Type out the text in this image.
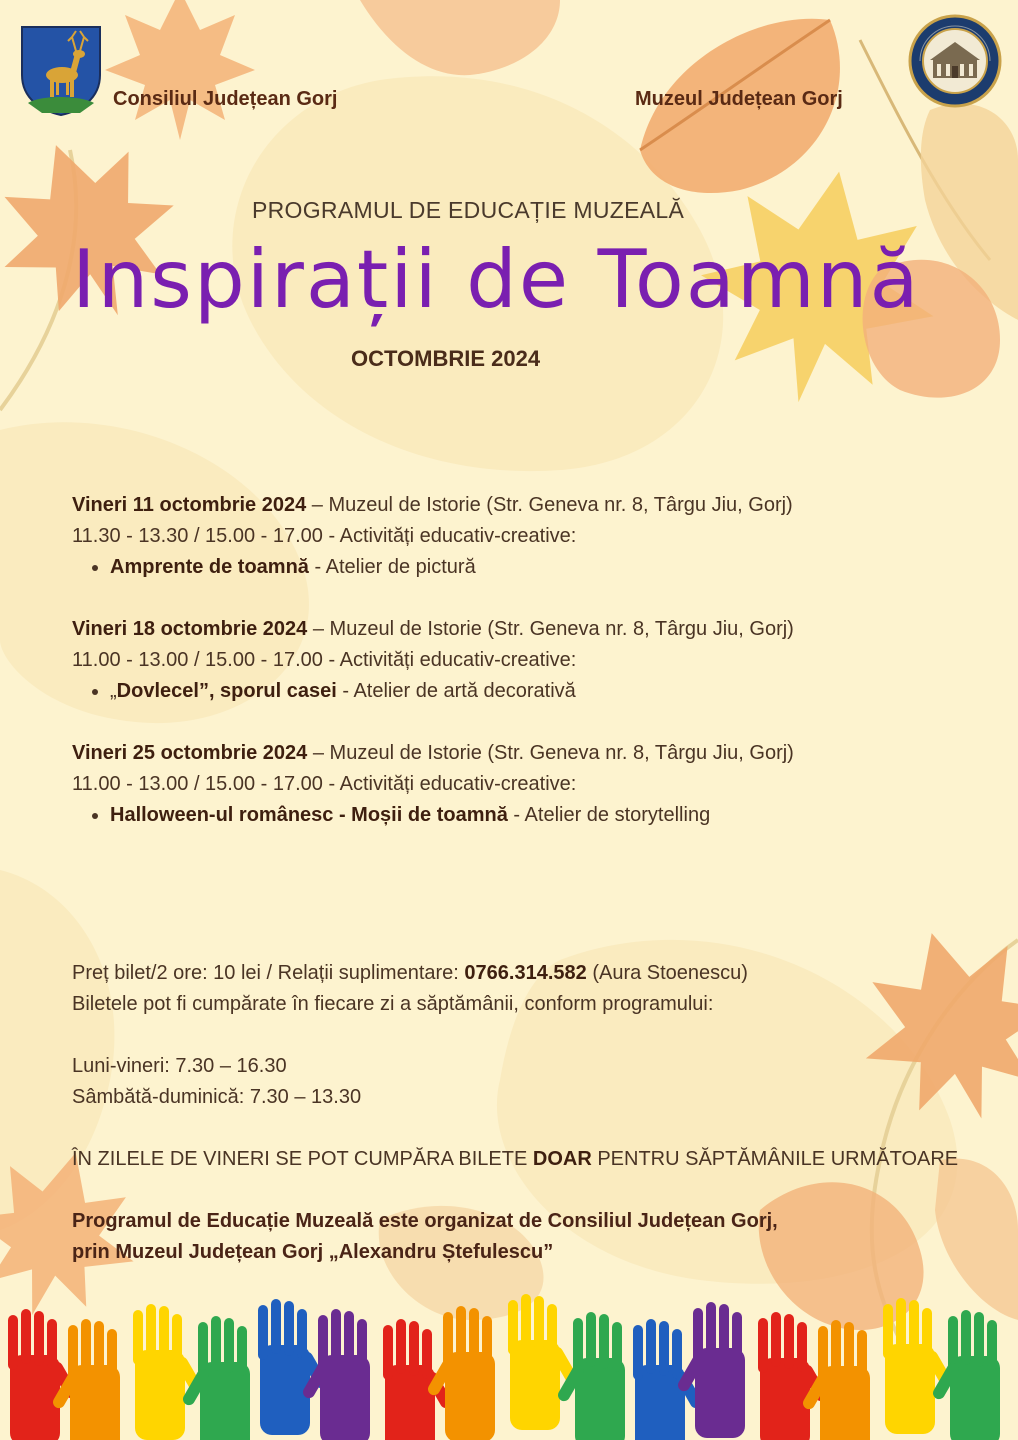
Consiliul Județean Gorj	Muzeul Județean Gorj
PROGRAMUL DE EDUCAȚIE MUZEALĂ
Inspirații de Toamnă
OCTOMBRIE 2024

Vineri 11 octombrie 2024 – Muzeul de Istorie (Str. Geneva nr. 8, Târgu Jiu, Gorj)

11.30 - 13.30 / 15.00 - 17.00 - Activități educativ-creative:

• Amprente de toamnă - Atelier de pictură

Vineri 18 octombrie 2024 – Muzeul de Istorie (Str. Geneva nr. 8, Târgu Jiu, Gorj)

11.00 - 13.00 / 15.00 - 17.00 - Activități educativ-creative:

• „Dovlecel”, sporul casei - Atelier de artă decorativă

Vineri 25 octombrie 2024 – Muzeul de Istorie (Str. Geneva nr. 8, Târgu Jiu, Gorj)

11.00 - 13.00 / 15.00 - 17.00 - Activități educativ-creative:

• Halloween-ul românesc - Moșii de toamnă - Atelier de storytelling

Preț bilet/2 ore: 10 lei / Relații suplimentare: 0766.314.582 (Aura Stoenescu)

Biletele pot fi cumpărate în fiecare zi a săptămânii, conform programului:

Luni-vineri: 7.30 – 16.30

Sâmbătă-duminică: 7.30 – 13.30

ÎN ZILELE DE VINERI SE POT CUMPĂRA BILETE DOAR PENTRU SĂPTĂMÂNILE URMĂTOARE

Programul de Educație Muzeală este organizat de Consiliul Județean Gorj,

prin Muzeul Județean Gorj „Alexandru Ștefulescu”
